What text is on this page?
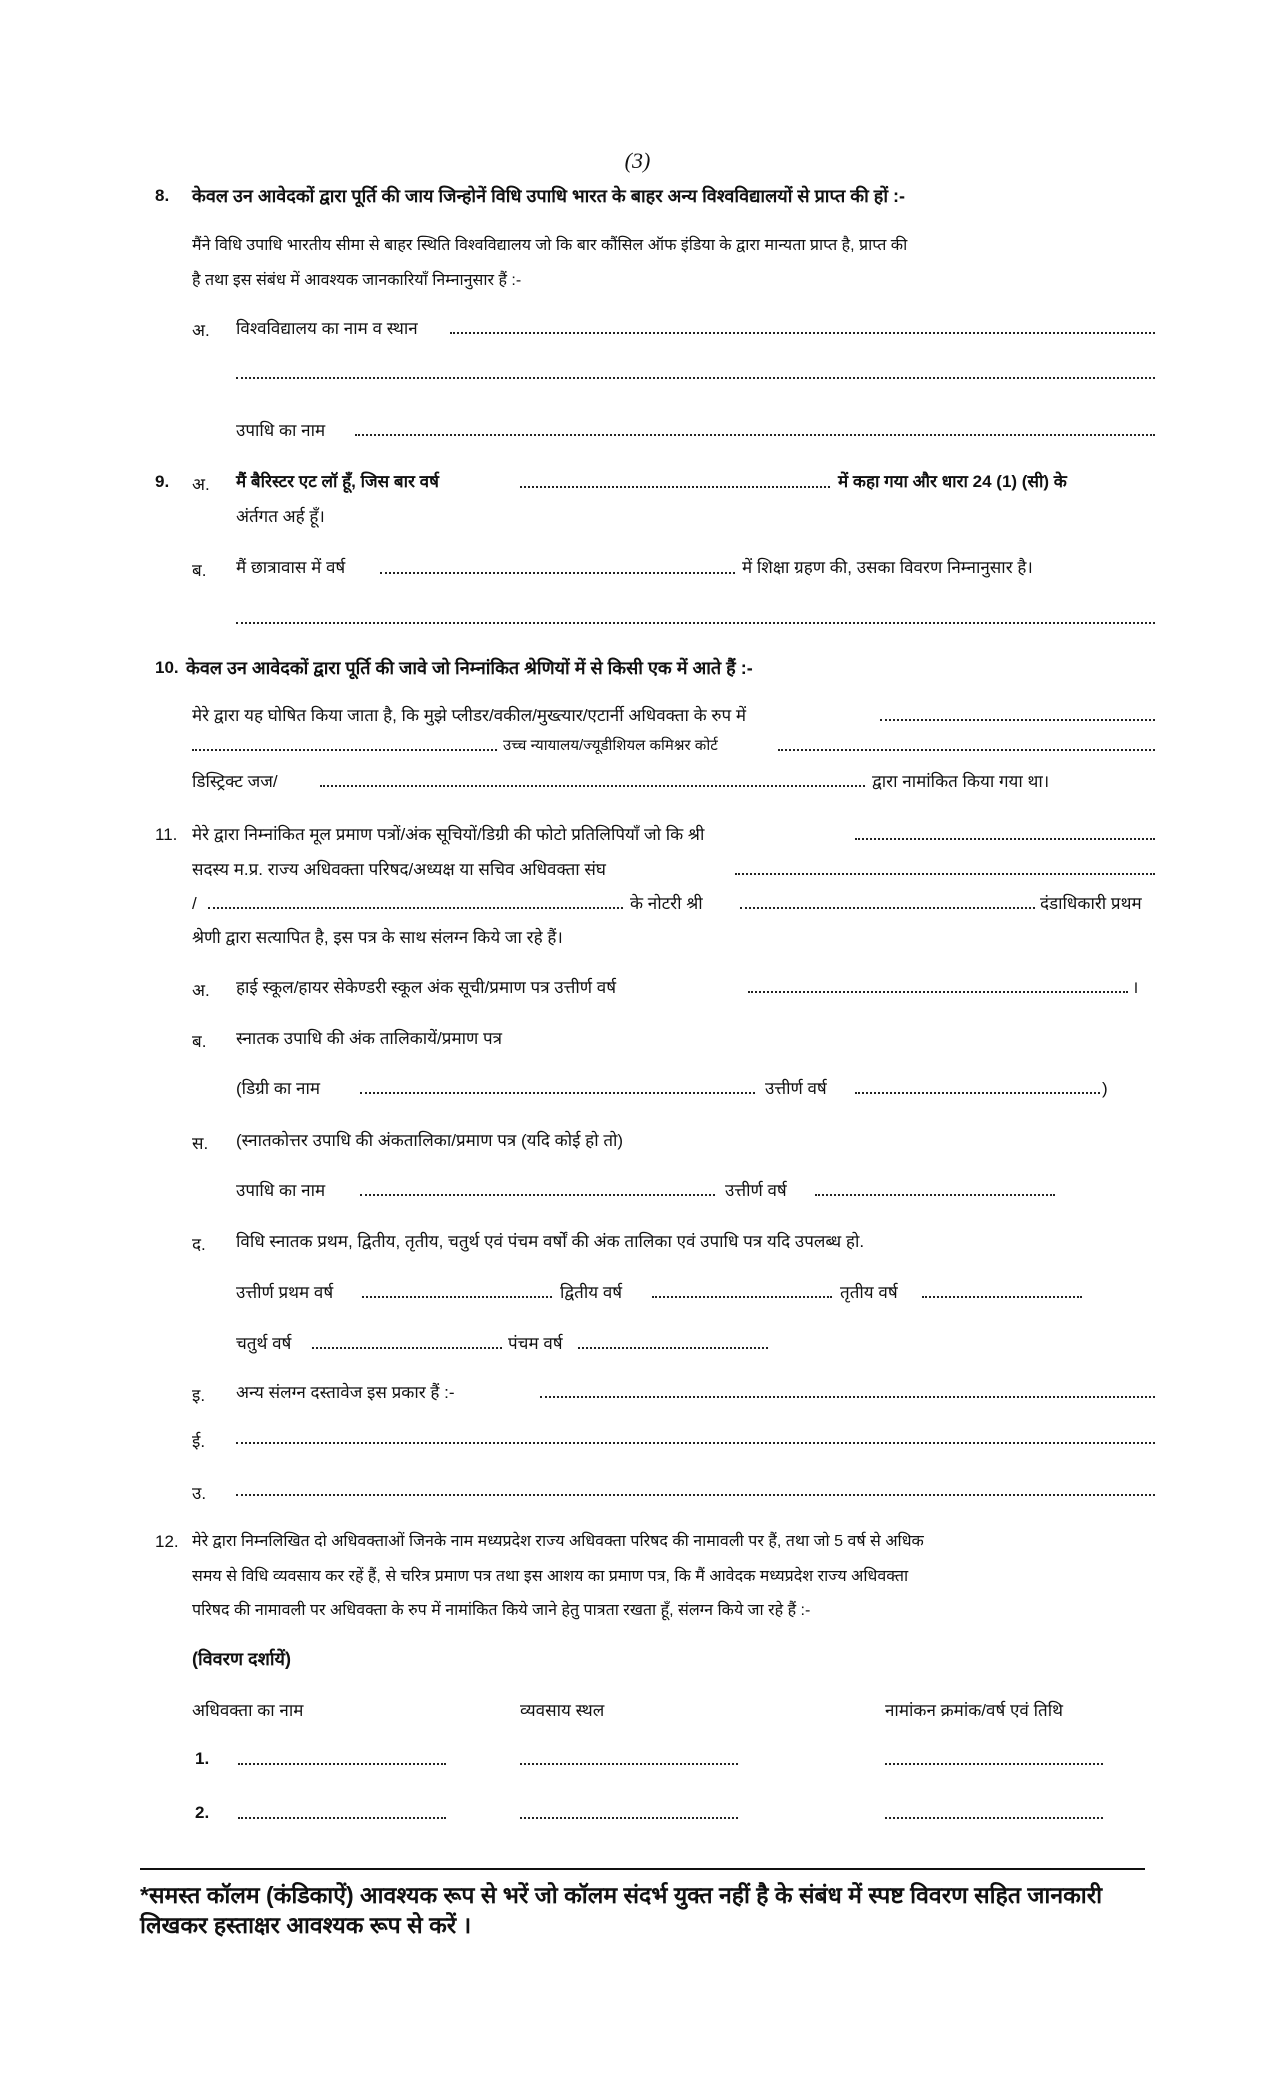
(3)
8. केवल उन आवेदकों द्वारा पूर्ति की जाय जिन्होनें विधि उपाधि भारत के बाहर अन्य विश्वविद्यालयों से प्राप्त की हों :-
मैंने विधि उपाधि भारतीय सीमा से बाहर स्थिति विश्वविद्यालय जो कि बार कौंसिल ऑफ इंडिया के द्वारा मान्यता प्राप्त है, प्राप्त की
है तथा इस संबंध में आवश्यक जानकारियाँ निम्नानुसार हैं :-
अ. विश्वविद्यालय का नाम व स्थान
उपाधि का नाम
9. अ. मैं बैरिस्टर एट लॉ हूँ, जिस बार वर्ष	में कहा गया और धारा 24 (1) (सी) के
अंर्तगत अर्ह हूँ।
ब. मैं छात्रावास में वर्ष	में शिक्षा ग्रहण की, उसका विवरण निम्नानुसार है।
10. केवल उन आवेदकों द्वारा पूर्ति की जावे जो निम्नांकित श्रेणियों में से किसी एक में आते हैं :-
मेरे द्वारा यह घोषित किया जाता है, कि मुझे प्लीडर/वकील/मुख्त्यार/एटार्नी अधिवक्ता के रुप में
उच्च न्यायालय/ज्यूडीशियल कमिश्नर कोर्ट
डिस्ट्रिक्ट जज/	द्वारा नामांकित किया गया था।
11. मेरे द्वारा निम्नांकित मूल प्रमाण पत्रों/अंक सूचियों/डिग्री की फोटो प्रतिलिपियाँ जो कि श्री
सदस्य म.प्र. राज्य अधिवक्ता परिषद/अध्यक्ष या सचिव अधिवक्ता संघ
/	के नोटरी श्री	दंडाधिकारी प्रथम
श्रेणी द्वारा सत्यापित है, इस पत्र के साथ संलग्न किये जा रहे हैं।
अ. हाई स्कूल/हायर सेकेण्डरी स्कूल अंक सूची/प्रमाण पत्र उत्तीर्ण वर्ष	।
ब. स्नातक उपाधि की अंक तालिकायें/प्रमाण पत्र
(डिग्री का नाम	उत्तीर्ण वर्ष	)
स. (स्नातकोत्तर उपाधि की अंकतालिका/प्रमाण पत्र (यदि कोई हो तो)
उपाधि का नाम	उत्तीर्ण वर्ष
द. विधि स्नातक प्रथम, द्वितीय, तृतीय, चतुर्थ एवं पंचम वर्षों की अंक तालिका एवं उपाधि पत्र यदि उपलब्ध हो.
उत्तीर्ण प्रथम वर्ष	द्वितीय वर्ष	तृतीय वर्ष
चतुर्थ वर्ष	पंचम वर्ष
इ. अन्य संलग्न दस्तावेज इस प्रकार हैं :-
ई.
उ.
12. मेरे द्वारा निम्नलिखित दो अधिवक्ताओं जिनके नाम मध्यप्रदेश राज्य अधिवक्ता परिषद की नामावली पर हैं, तथा जो 5 वर्ष से अधिक
समय से विधि व्यवसाय कर रहें हैं, से चरित्र प्रमाण पत्र तथा इस आशय का प्रमाण पत्र, कि मैं आवेदक मध्यप्रदेश राज्य अधिवक्ता
परिषद की नामावली पर अधिवक्ता के रुप में नामांकित किये जाने हेतु पात्रता रखता हूँ, संलग्न किये जा रहे हैं :-
(विवरण दर्शायें)
अधिवक्ता का नाम	व्यवसाय स्थल	नामांकन क्रमांक/वर्ष एवं तिथि
1.
2.
*समस्त कॉलम (कंडिकाऐं) आवश्यक रूप से भरें जो कॉलम संदर्भ युक्त नहीं है के संबंध में स्पष्ट विवरण सहित जानकारी लिखकर हस्ताक्षर आवश्यक रूप से करें ।
